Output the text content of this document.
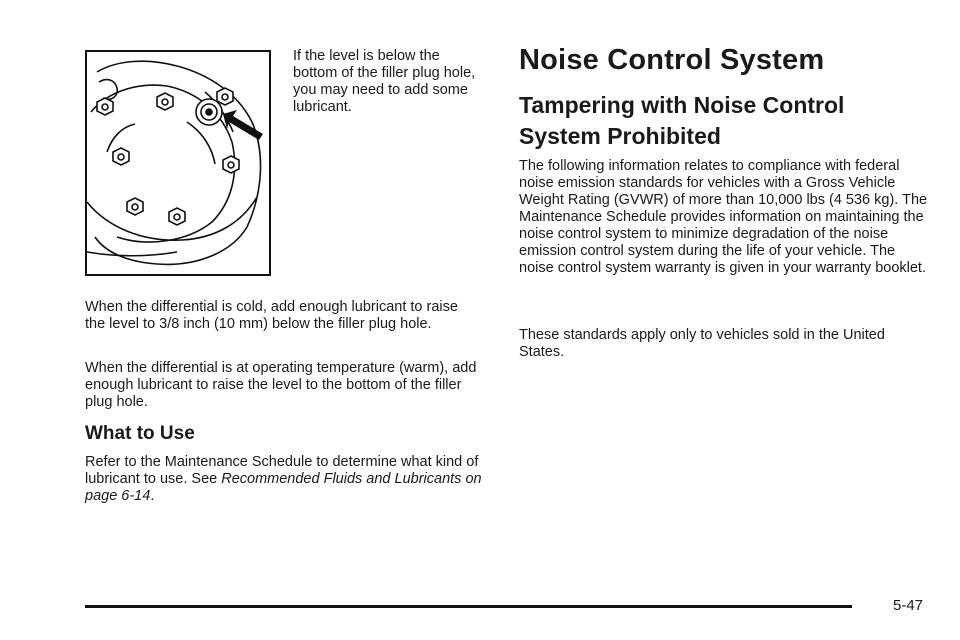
If the level is below the bottom of the filler plug hole, you may need to add some lubricant.

When the differential is cold, add enough lubricant to raise the level to 3/8 inch (10 mm) below the filler plug hole.

When the differential is at operating temperature (warm), add enough lubricant to raise the level to the bottom of the filler plug hole.

What to Use

Refer to the Maintenance Schedule to determine what kind of lubricant to use. See Recommended Fluids and Lubricants on page 6-14.

Noise Control System
Tampering with Noise Control System Prohibited

The following information relates to compliance with federal noise emission standards for vehicles with a Gross Vehicle Weight Rating (GVWR) of more than 10,000 lbs (4 536 kg). The Maintenance Schedule provides information on maintaining the noise control system to minimize degradation of the noise emission control system during the life of your vehicle. The noise control system warranty is given in your warranty booklet.

These standards apply only to vehicles sold in the United States.

5-47
